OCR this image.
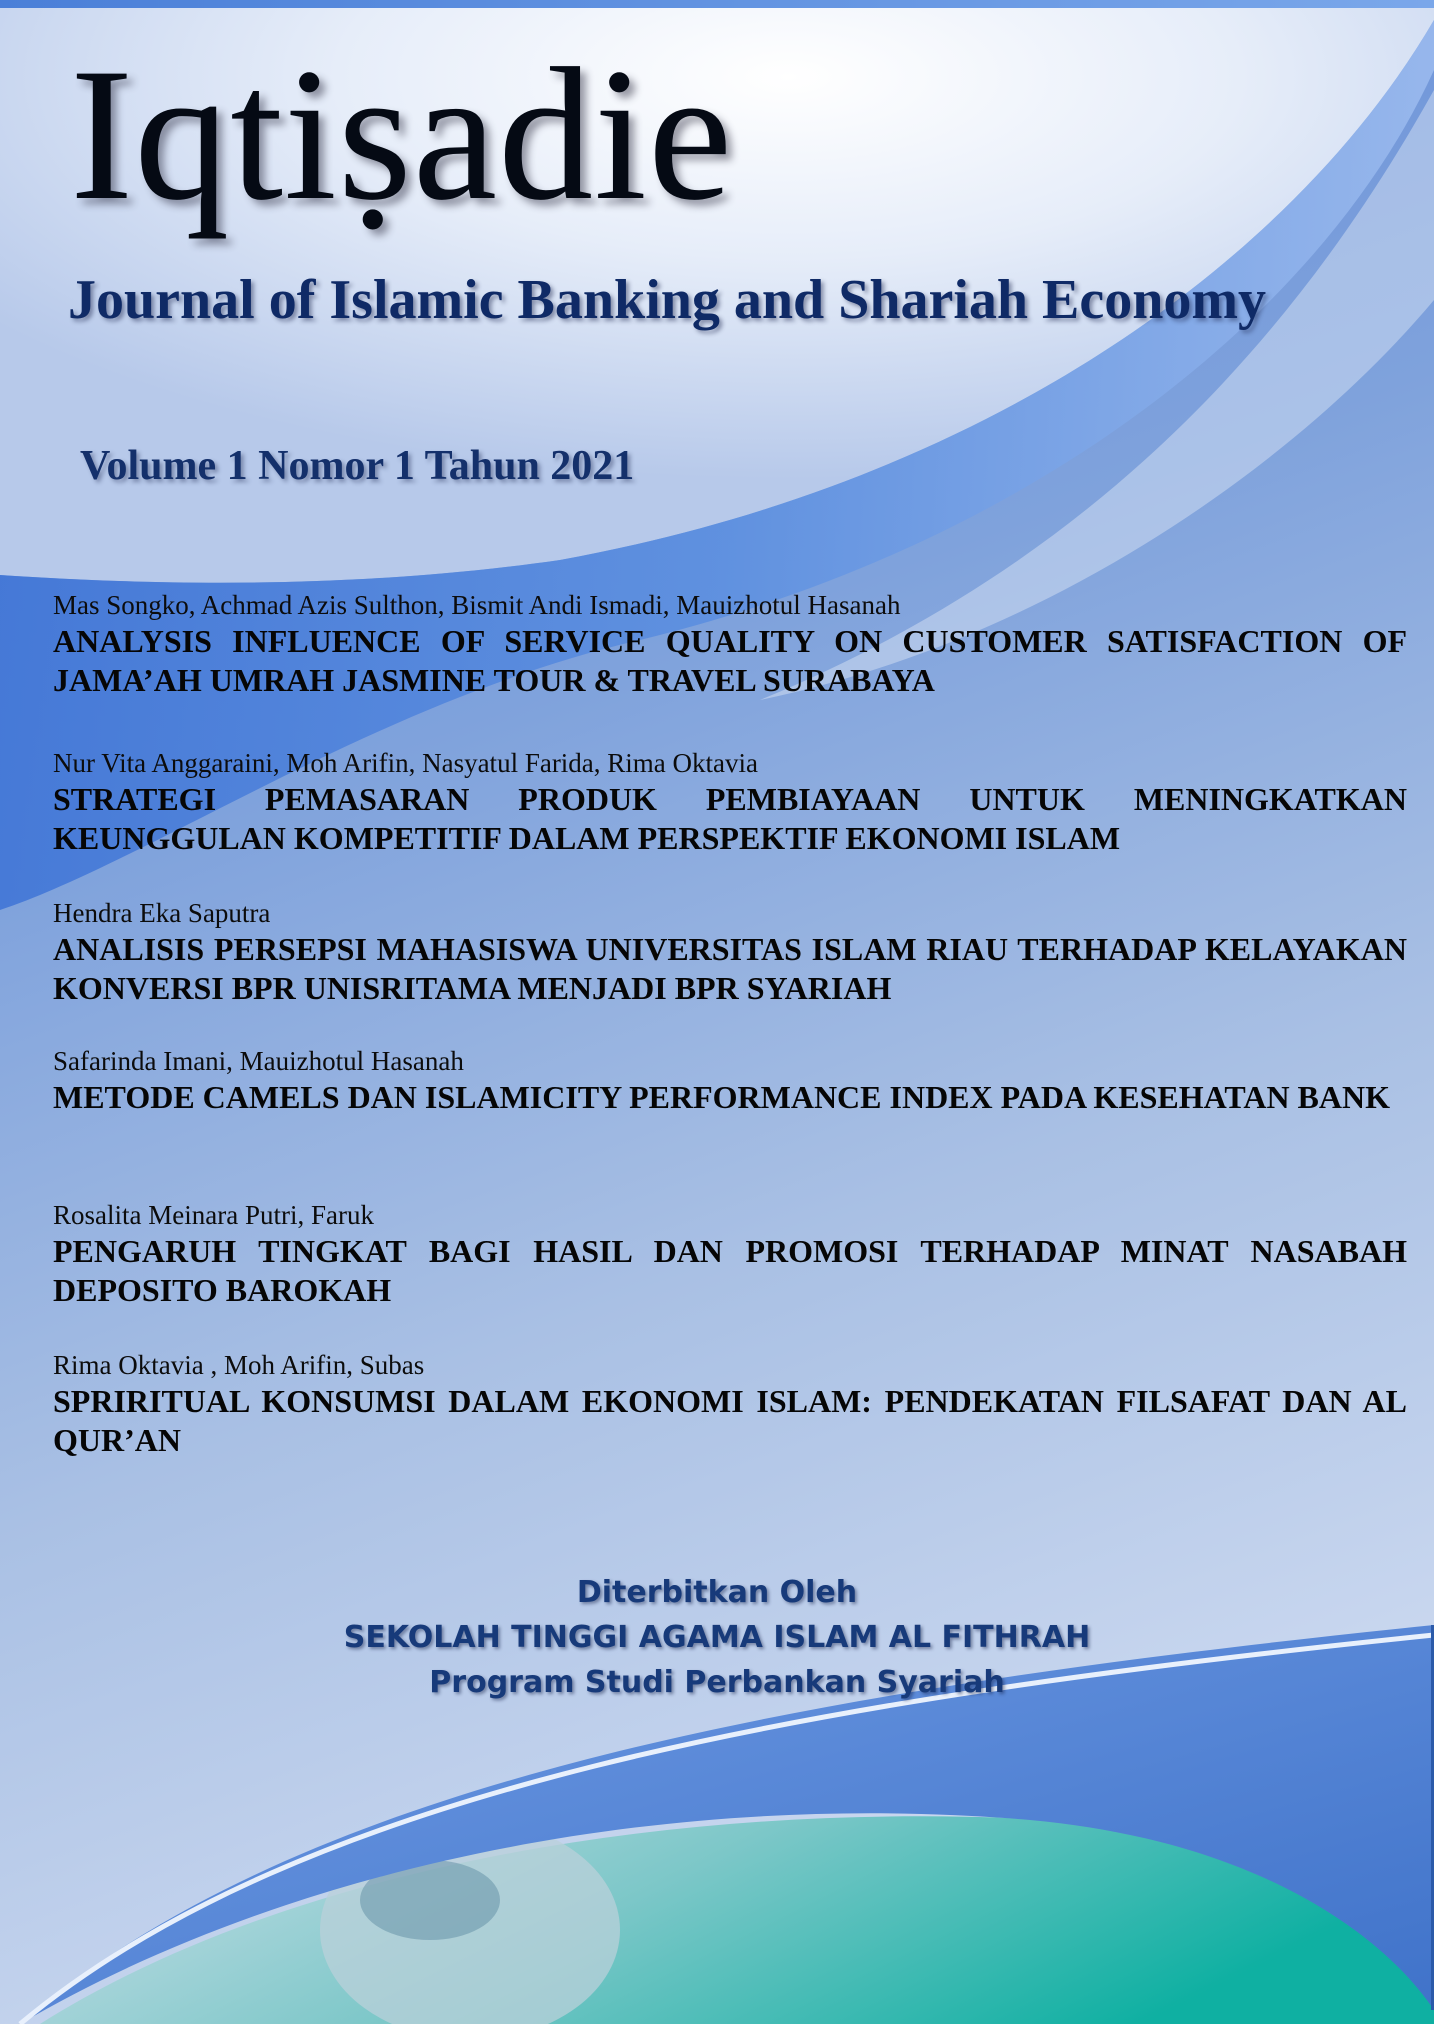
Iqtiṣadie
Journal of Islamic Banking and Shariah Economy
Volume 1 Nomor 1 Tahun 2021
Mas Songko, Achmad Azis Sulthon, Bismit Andi Ismadi, Mauizhotul Hasanah
ANALYSIS INFLUENCE OF SERVICE QUALITY ON CUSTOMER SATISFACTION OF JAMA’AH UMRAH JASMINE TOUR & TRAVEL SURABAYA
Nur Vita Anggaraini, Moh Arifin, Nasyatul Farida, Rima Oktavia
STRATEGI PEMASARAN PRODUK PEMBIAYAAN UNTUK MENINGKATKAN KEUNGGULAN KOMPETITIF DALAM PERSPEKTIF EKONOMI ISLAM
Hendra Eka Saputra
ANALISIS PERSEPSI MAHASISWA UNIVERSITAS ISLAM RIAU TERHADAP KELAYAKAN KONVERSI BPR UNISRITAMA MENJADI BPR SYARIAH
Safarinda Imani, Mauizhotul Hasanah
METODE CAMELS DAN ISLAMICITY PERFORMANCE INDEX PADA KESEHATAN BANK
Rosalita Meinara Putri, Faruk
PENGARUH TINGKAT BAGI HASIL DAN PROMOSI TERHADAP MINAT NASABAH DEPOSITO BAROKAH
Rima Oktavia , Moh Arifin, Subas
SPRIRITUAL KONSUMSI DALAM EKONOMI ISLAM: PENDEKATAN FILSAFAT DAN AL QUR’AN
Diterbitkan Oleh
SEKOLAH TINGGI AGAMA ISLAM AL FITHRAH
Program Studi Perbankan Syariah
